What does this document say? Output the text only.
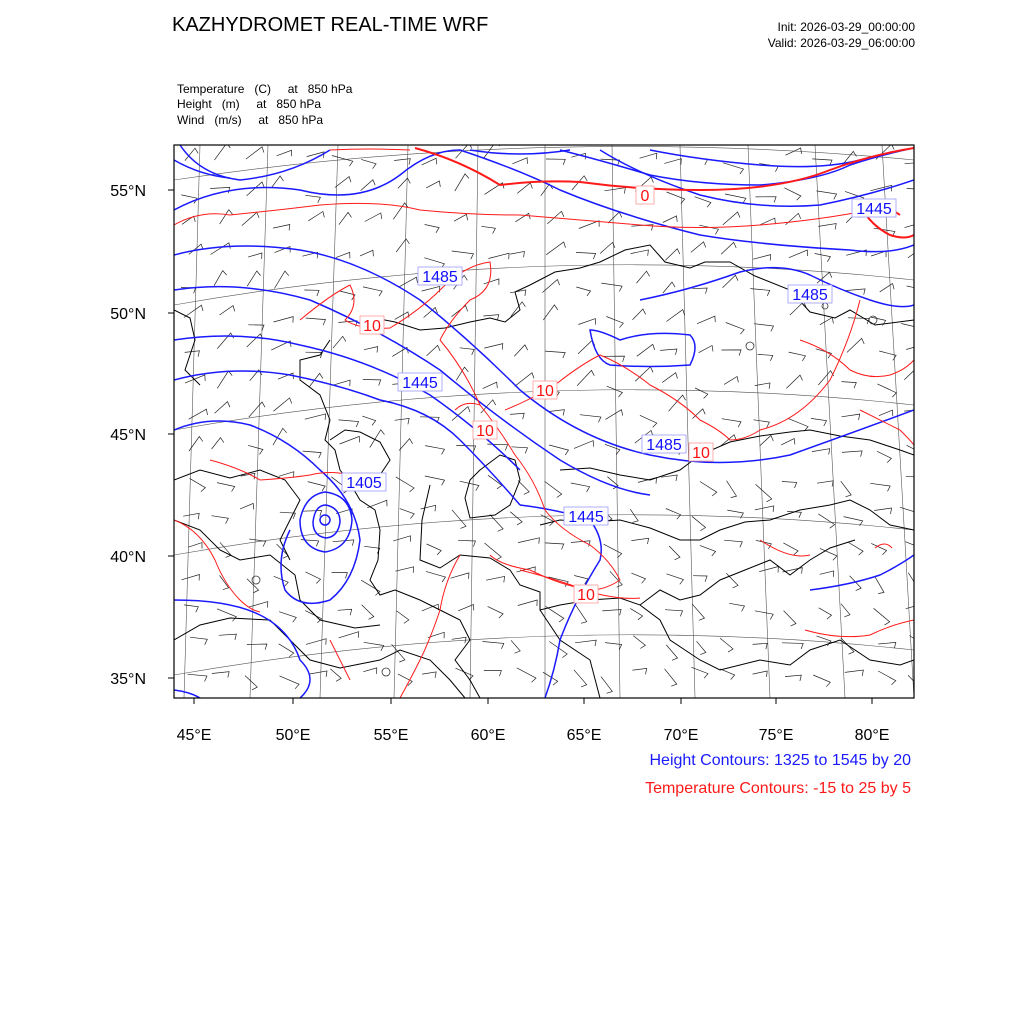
KAZHYDROMET REAL-TIME WRF	Init: 2026-03-29_00:00:00
Valid: 2026-03-29_06:00:00
Temperature   (C)     at   850 hPa
Height   (m)     at   850 hPa
Wind   (m/s)     at   850 hPa
55°N
50°N
45°N
40°N
35°N
45°E	50°E	55°E	60°E	65°E	70°E	75°E	80°E
1445
1485
1485
1485
1445
1405
1445
0
10
10
10
10
10
Height Contours: 1325 to 1545 by 20
Temperature Contours: -15 to 25 by 5
